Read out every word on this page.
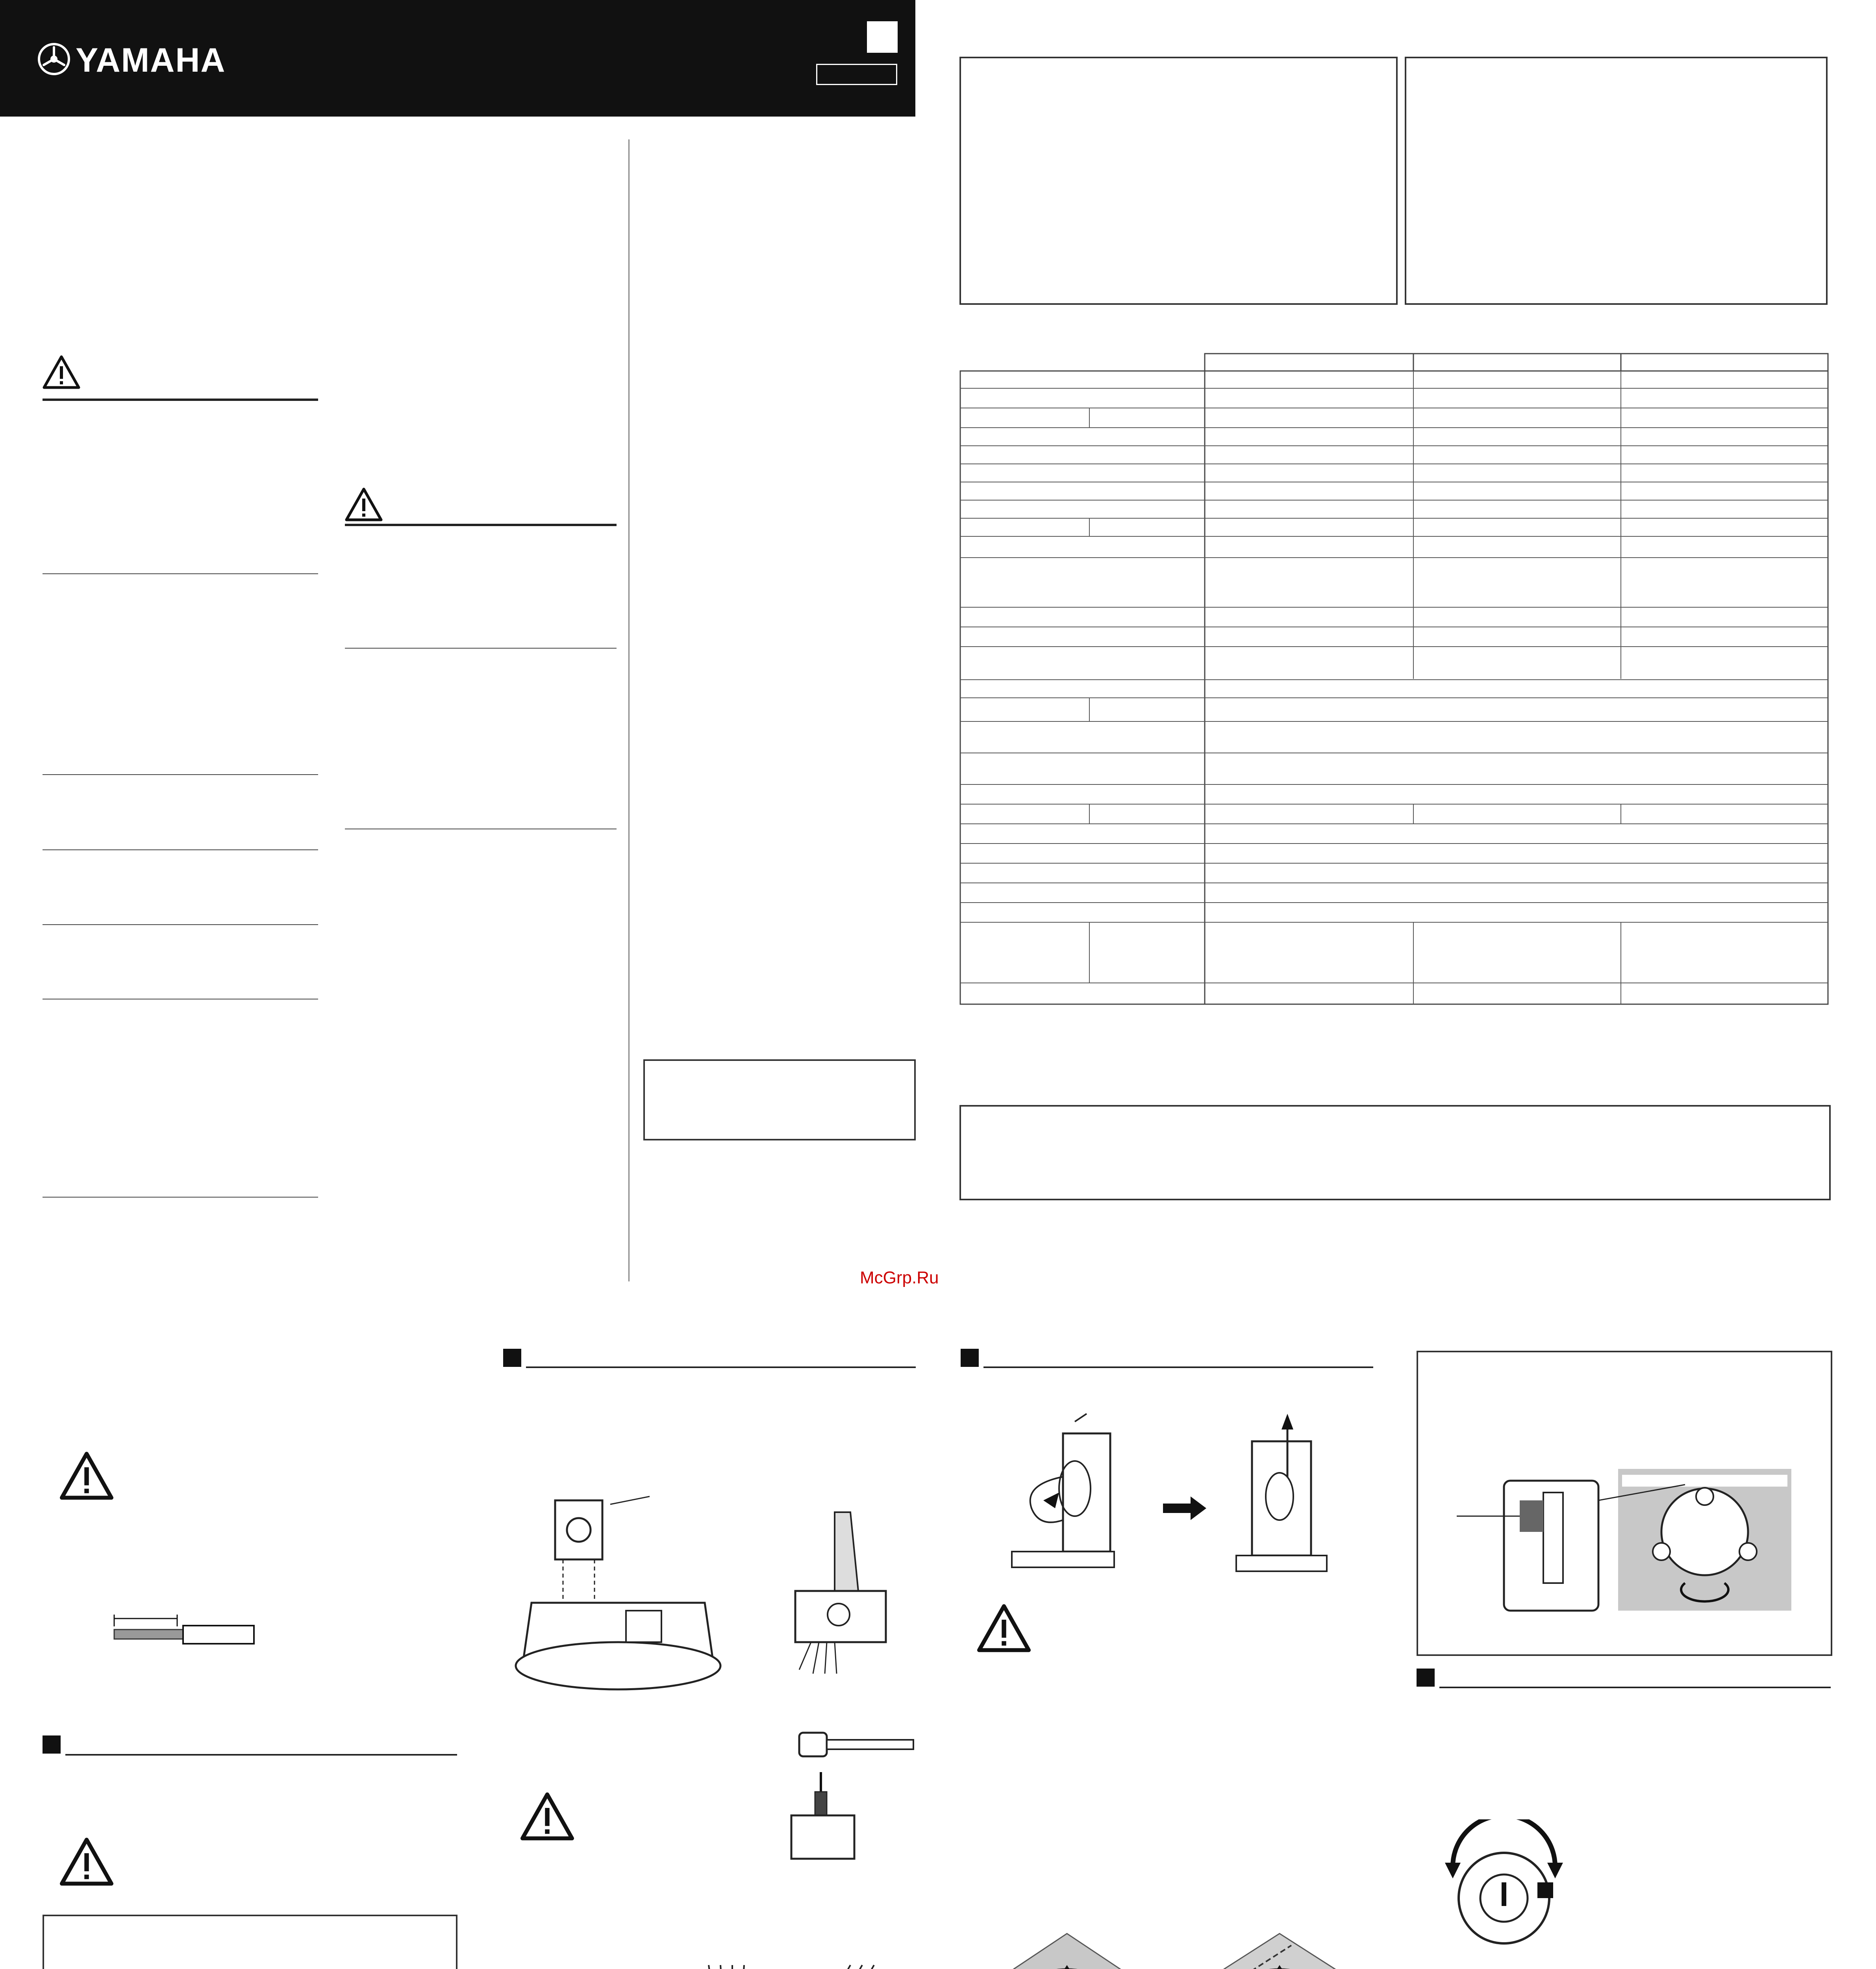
YAMAHA
McGrp.Ru
